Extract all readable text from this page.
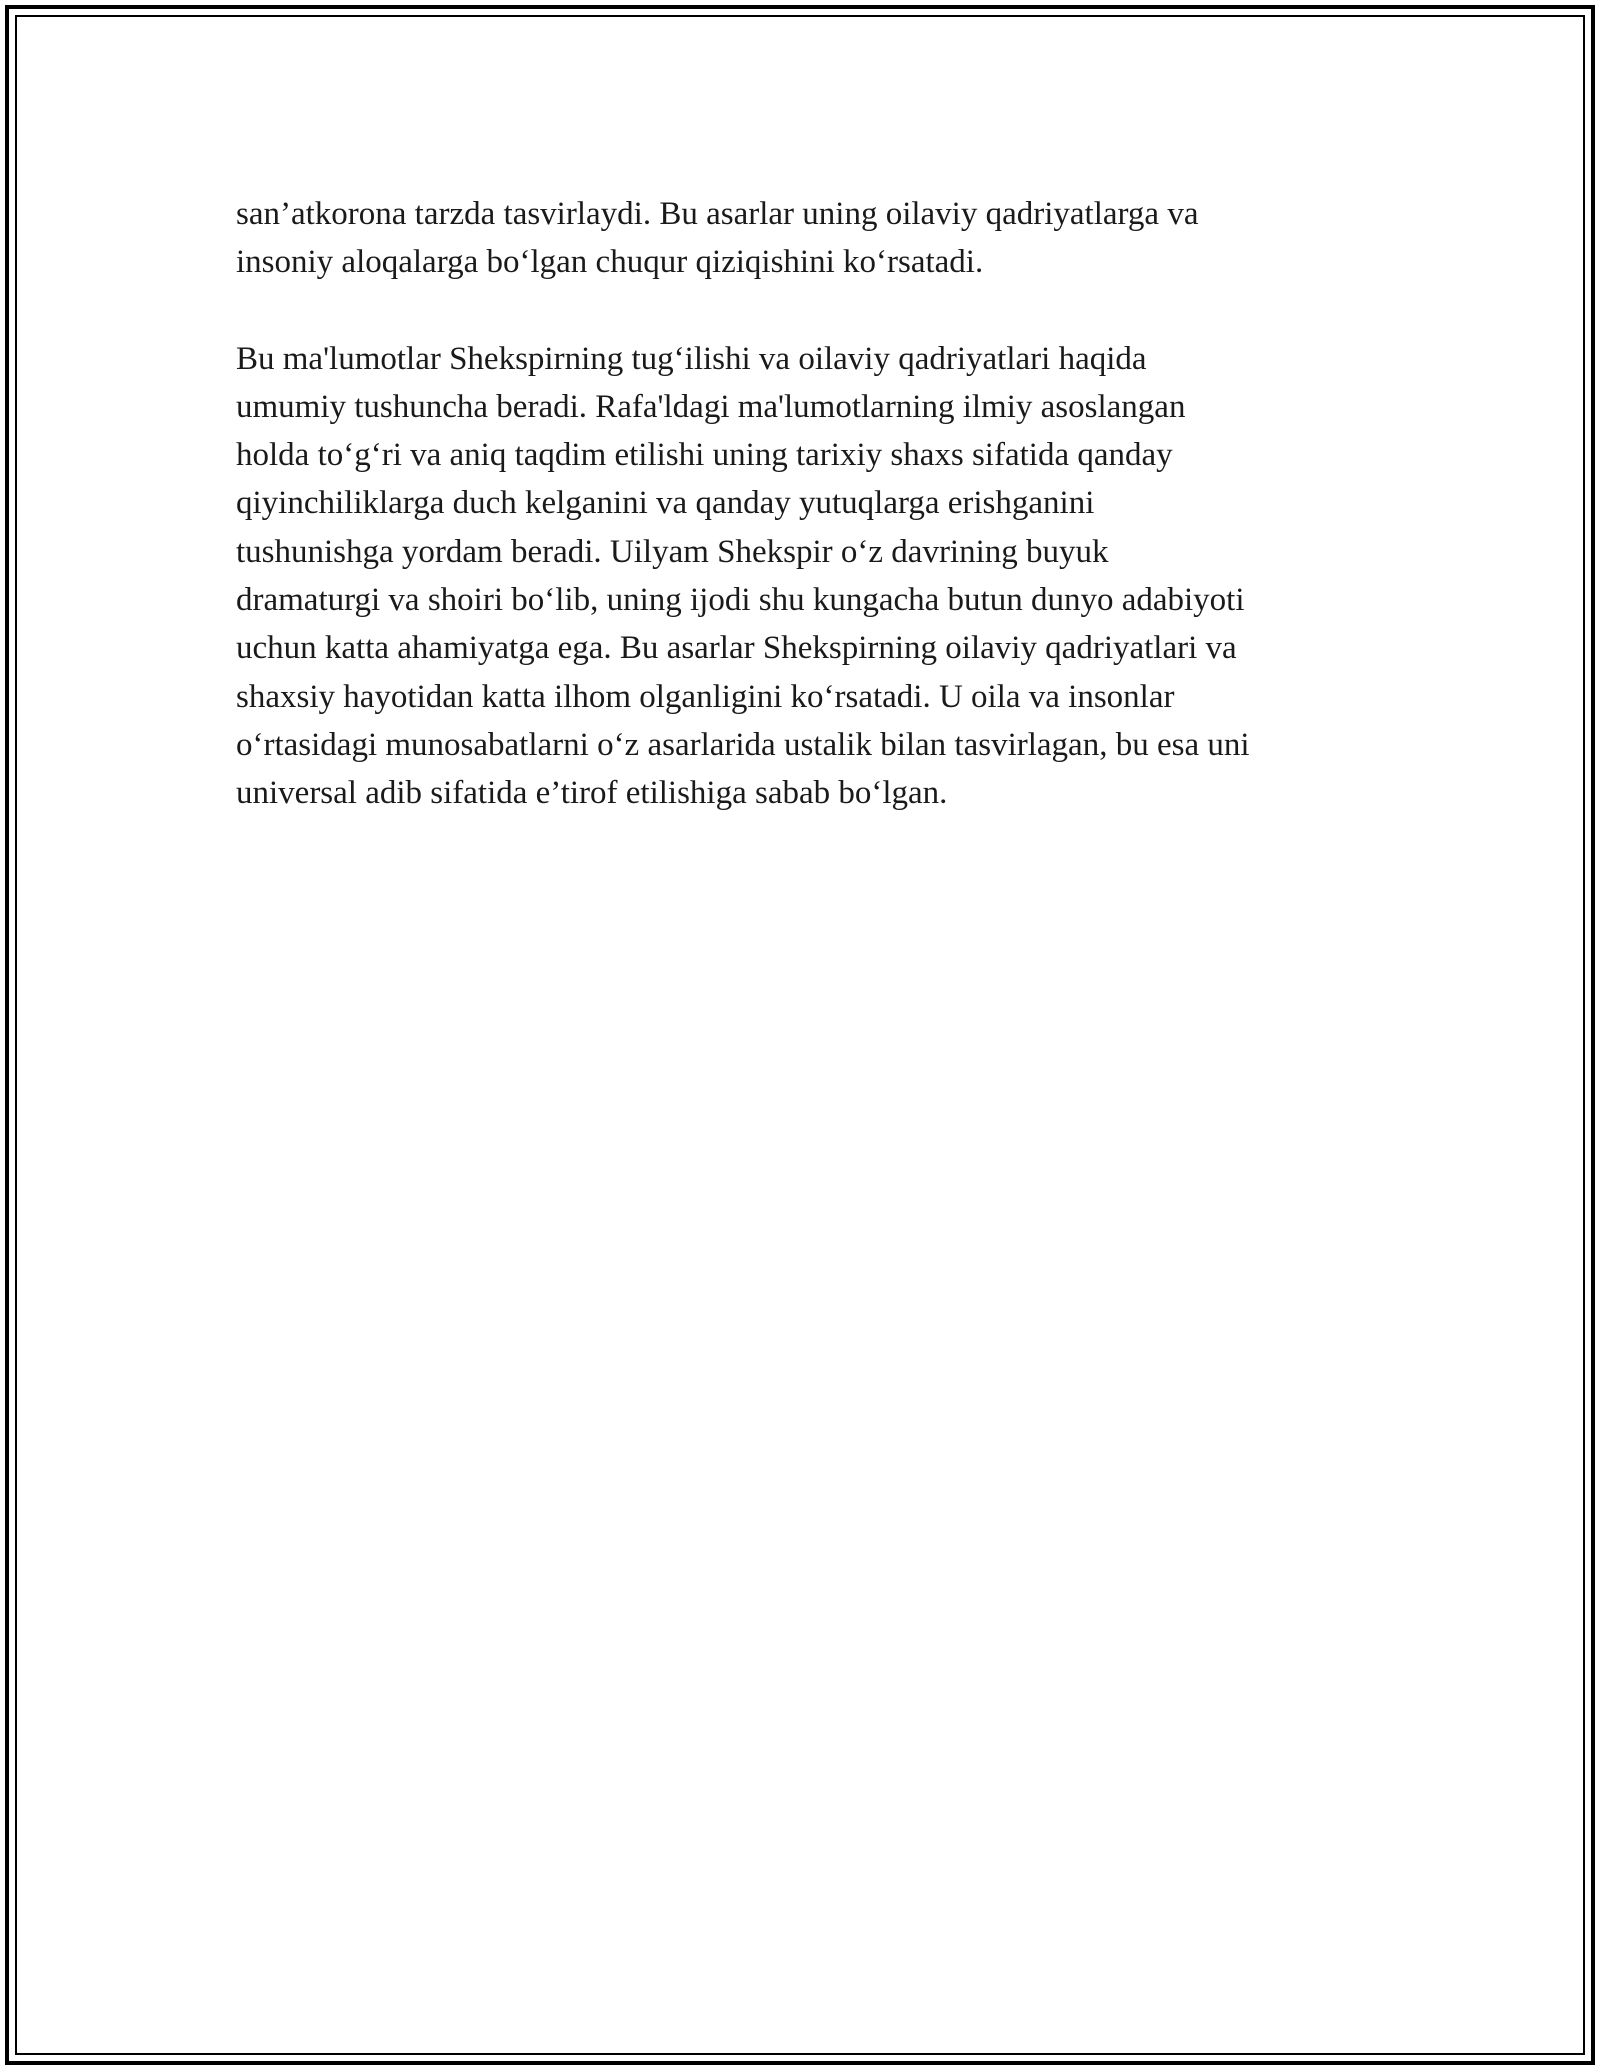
san’atkorona tarzda tasvirlaydi. Bu asarlar uning oilaviy qadriyatlarga va
insoniy aloqalarga bo‘lgan chuqur qiziqishini ko‘rsatadi.

Bu ma'lumotlar Shekspirning tug‘ilishi va oilaviy qadriyatlari haqida
umumiy tushuncha beradi. Rafa'ldagi ma'lumotlarning ilmiy asoslangan
holda to‘g‘ri va aniq taqdim etilishi uning tarixiy shaxs sifatida qanday
qiyinchiliklarga duch kelganini va qanday yutuqlarga erishganini
tushunishga yordam beradi. Uilyam Shekspir o‘z davrining buyuk
dramaturgi va shoiri bo‘lib, uning ijodi shu kungacha butun dunyo adabiyoti
uchun katta ahamiyatga ega. Bu asarlar Shekspirning oilaviy qadriyatlari va
shaxsiy hayotidan katta ilhom olganligini ko‘rsatadi. U oila va insonlar
o‘rtasidagi munosabatlarni o‘z asarlarida ustalik bilan tasvirlagan, bu esa uni
universal adib sifatida e’tirof etilishiga sabab bo‘lgan.
